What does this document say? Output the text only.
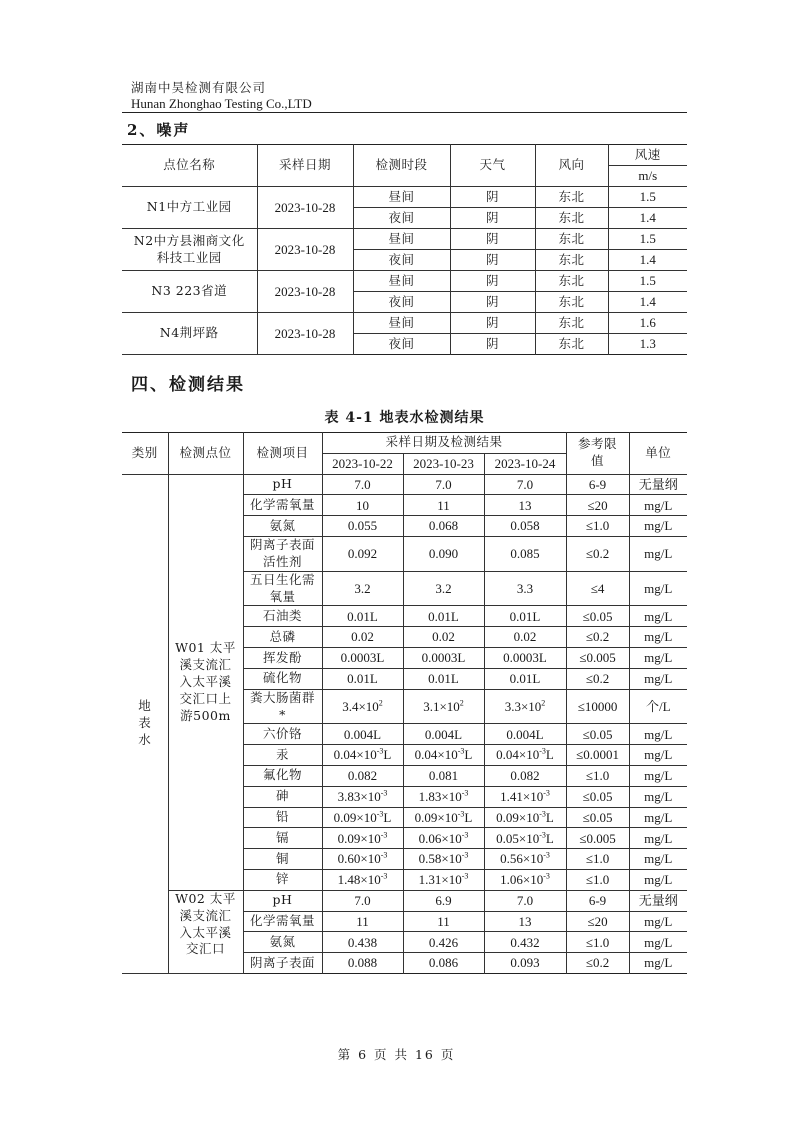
湖南中昊检测有限公司
Hunan Zhonghao Testing Co.,LTD
2、噪声
点位名称	采样日期	检测时段	天气	风向	风速
					m/s
N1中方工业园	2023-10-28	昼间	阴	东北	1.5
		夜间	阴	东北	1.4
N2中方县湘商文化科技工业园	2023-10-28	昼间	阴	东北	1.5
		夜间	阴	东北	1.4
N3 223省道	2023-10-28	昼间	阴	东北	1.5
		夜间	阴	东北	1.4
N4荆坪路	2023-10-28	昼间	阴	东北	1.6
		夜间	阴	东北	1.3
四、检测结果
表 4-1 地表水检测结果
类别	检测点位	检测项目	采样日期及检测结果			参考限值	单位
			2023-10-22	2023-10-23	2023-10-24		
地表水	W01 太平溪支流汇入太平溪交汇口上游500m	pH	7.0	7.0	7.0	6-9	无量纲
		化学需氧量	10	11	13	≤20	mg/L
		氨氮	0.055	0.068	0.058	≤1.0	mg/L
		阴离子表面活性剂	0.092	0.090	0.085	≤0.2	mg/L
		五日生化需氧量	3.2	3.2	3.3	≤4	mg/L
		石油类	0.01L	0.01L	0.01L	≤0.05	mg/L
		总磷	0.02	0.02	0.02	≤0.2	mg/L
		挥发酚	0.0003L	0.0003L	0.0003L	≤0.005	mg/L
		硫化物	0.01L	0.01L	0.01L	≤0.2	mg/L
		粪大肠菌群*	$3.4\times 10^2$	$3.1\times 10^2$	$3.3\times 10^2$	≤10000	个/L
		六价铬	0.004L	0.004L	0.004L	≤0.05	mg/L
		汞	$0.04\times 10^{-3}L$	$0.04\times 10^{-3}L$	$0.04\times 10^{-3}L$	≤0.0001	mg/L
		氟化物	0.082	0.081	0.082	≤1.0	mg/L
		砷	$3.83\times 10^{-3}$	$1.83\times 10^{-3}$	$1.41\times 10^{-3}$	≤0.05	mg/L
		铅	$0.09\times 10^{-3}L$	$0.09\times 10^{-3}L$	$0.09\times 10^{-3}L$	≤0.05	mg/L
		镉	$0.09\times 10^{-3}$	$0.06\times 10^{-3}$	$0.05\times 10^{-3}L$	≤0.005	mg/L
		铜	$0.60\times 10^{-3}$	$0.58\times 10^{-3}$	$0.56\times 10^{-3}$	≤1.0	mg/L
		锌	$1.48\times 10^{-3}$	$1.31\times 10^{-3}$	$1.06\times 10^{-3}$	≤1.0	mg/L
	W02 太平溪支流汇入太平溪交汇口	pH	7.0	6.9	7.0	6-9	无量纲
		化学需氧量	11	11	13	≤20	mg/L
		氨氮	0.438	0.426	0.432	≤1.0	mg/L
		阴离子表面	0.088	0.086	0.093	≤0.2	mg/L
第 6 页 共 16 页
